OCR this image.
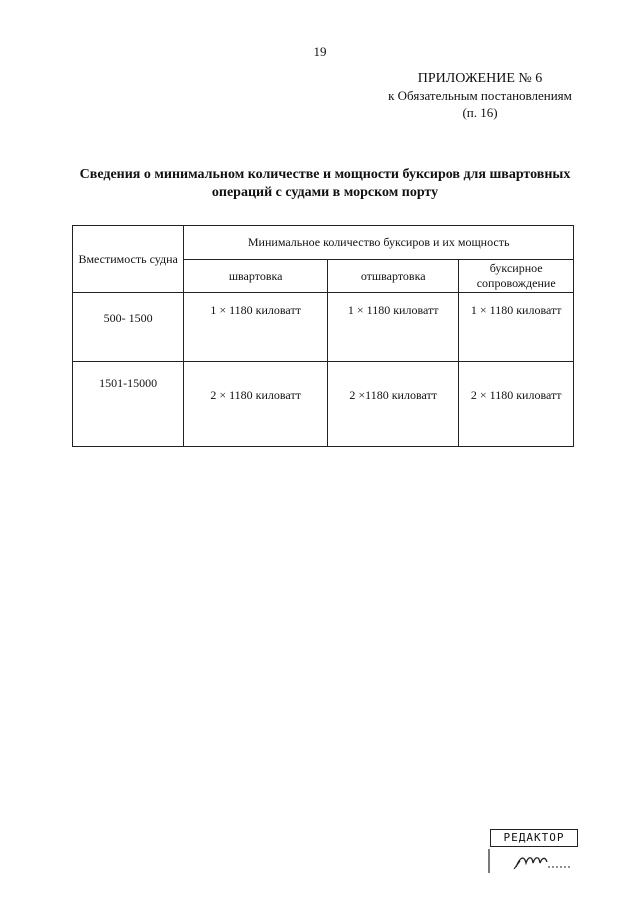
19
ПРИЛОЖЕНИЕ № 6
к Обязательным постановлениям
(п. 16)
Сведения о минимальном количестве и мощности буксиров для швартовных
операций с судами в морском порту
Вместимость судна	Минимальное количество буксиров и их мощность		
	швартовка	отшвартовка	буксирное сопровождение
500- 1500	1 × 1180 киловатт	1 × 1180 киловатт	1 × 1180 киловатт
1501-15000	2 × 1180 киловатт	2 ×1180 киловатт	2 × 1180 киловатт
РЕДАКТОР
